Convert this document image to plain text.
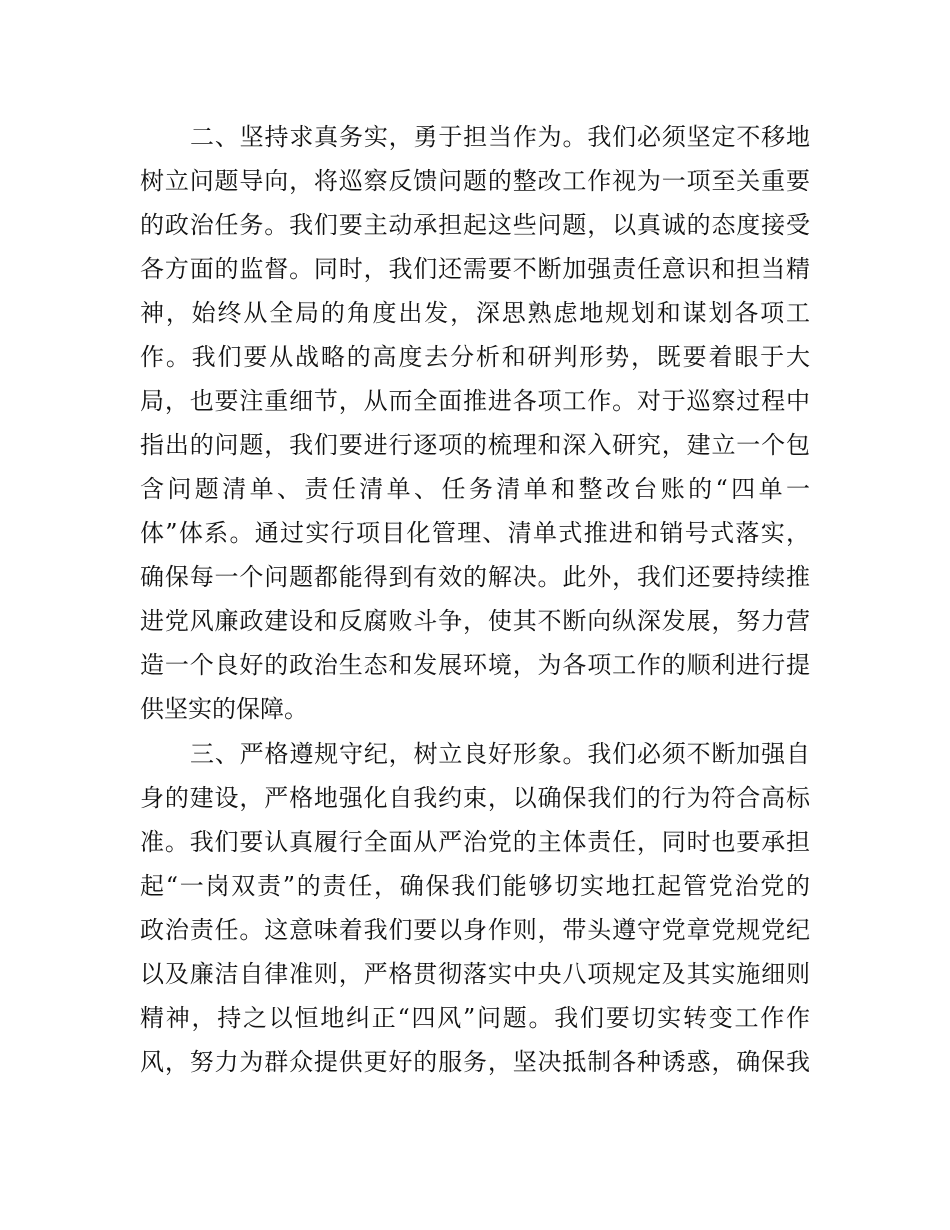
二、坚持求真务实，勇于担当作为。我们必须坚定不移地
树立问题导向，将巡察反馈问题的整改工作视为一项至关重要
的政治任务。我们要主动承担起这些问题，以真诚的态度接受
各方面的监督。同时，我们还需要不断加强责任意识和担当精
神，始终从全局的角度出发，深思熟虑地规划和谋划各项工
作。我们要从战略的高度去分析和研判形势，既要着眼于大
局，也要注重细节，从而全面推进各项工作。对于巡察过程中
指出的问题，我们要进行逐项的梳理和深入研究，建立一个包
含问题清单、责任清单、任务清单和整改台账的“四单一
体”体系。通过实行项目化管理、清单式推进和销号式落实，
确保每一个问题都能得到有效的解决。此外，我们还要持续推
进党风廉政建设和反腐败斗争，使其不断向纵深发展，努力营
造一个良好的政治生态和发展环境，为各项工作的顺利进行提
供坚实的保障。
三、严格遵规守纪，树立良好形象。我们必须不断加强自
身的建设，严格地强化自我约束，以确保我们的行为符合高标
准。我们要认真履行全面从严治党的主体责任，同时也要承担
起“一岗双责”的责任，确保我们能够切实地扛起管党治党的
政治责任。这意味着我们要以身作则，带头遵守党章党规党纪
以及廉洁自律准则，严格贯彻落实中央八项规定及其实施细则
精神，持之以恒地纠正“四风”问题。我们要切实转变工作作
风，努力为群众提供更好的服务，坚决抵制各种诱惑，确保我
